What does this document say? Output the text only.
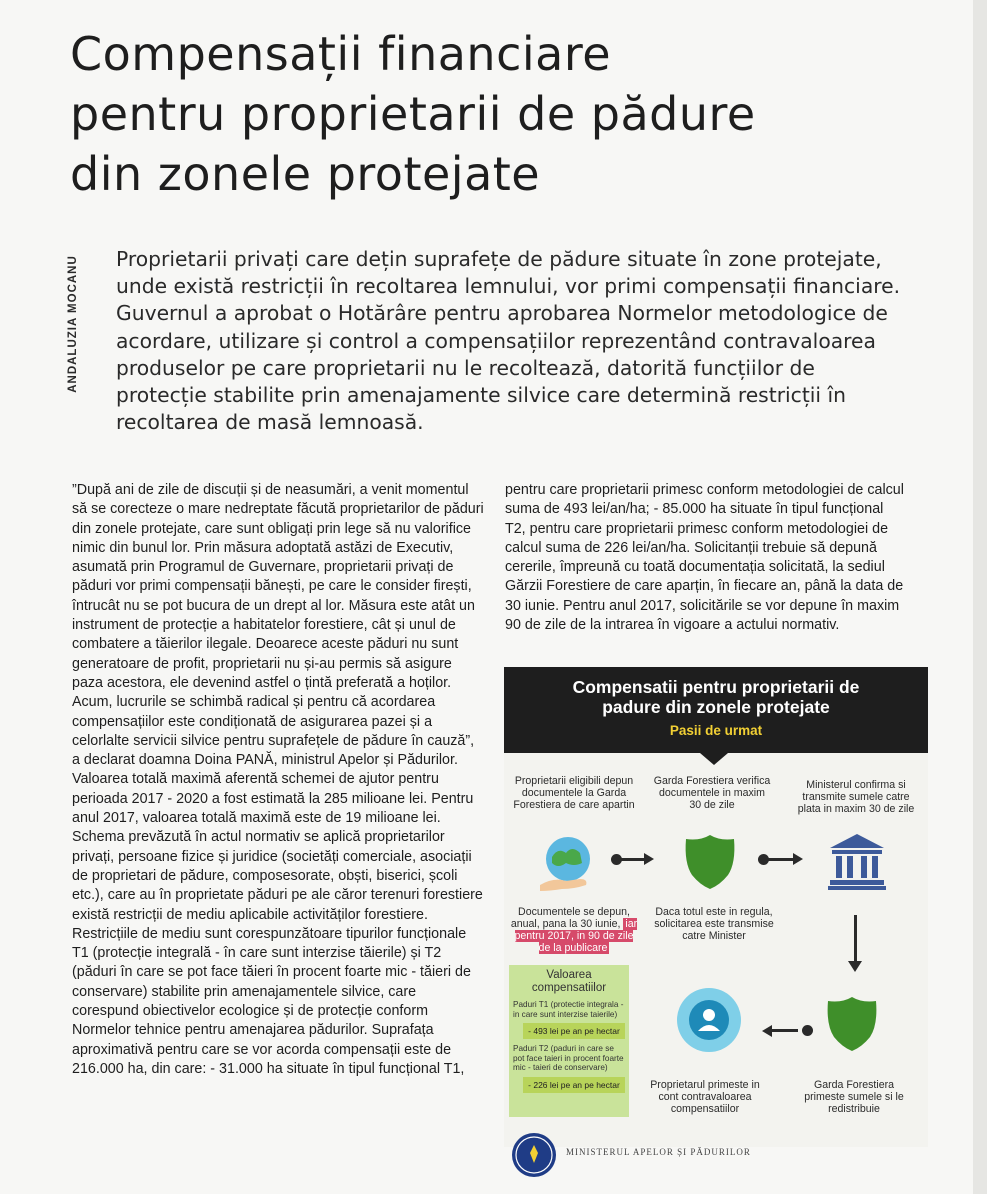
Compensații financiare
pentru proprietarii de pădure
din zonele protejate
ANDALUZIA MOCANU Proprietarii privați care dețin suprafețe de pădure situate în zone protejate, unde există restricții în recoltarea lemnului, vor primi compensații financiare. Guvernul a aprobat o Hotărâre pentru aprobarea Normelor metodologice de acordare, utilizare și control a compensațiilor reprezentând contravaloarea produselor pe care proprietarii nu le recoltează, datorită funcțiilor de protecție stabilite prin amenajamente silvice care determină restricții în recoltarea de masă lemnoasă.
”După ani de zile de discuții și de neasumări, a venit momentul să se corecteze o mare nedreptate făcută proprietarilor de păduri din zonele protejate, care sunt obligați prin lege să nu valorifice nimic din bunul lor. Prin măsura adoptată astăzi de Executiv, asumată prin Programul de Guvernare, proprietarii privați de păduri vor primi compensații bănești, pe care le consider firești, întrucât nu se pot bucura de un drept al lor. Măsura este atât un instrument de protecție a habitatelor forestiere, cât și unul de combatere a tăierilor ilegale. Deoarece aceste păduri nu sunt generatoare de profit, proprietarii nu și-au permis să asigure paza acestora, ele devenind astfel o țintă preferată a hoților. Acum, lucrurile se schimbă radical și pentru că acordarea compensațiilor este condiționată de asigurarea pazei și a celorlalte servicii silvice pentru suprafețele de pădure în cauză”, a declarat doamna Doina PANĂ, ministrul Apelor și Pădurilor. Valoarea totală maximă aferentă schemei de ajutor pentru perioada 2017 - 2020 a fost estimată la 285 milioane lei. Pentru anul 2017, valoarea totală maximă este de 19 milioane lei. Schema prevăzută în actul normativ se aplică proprietarilor privați, persoane fizice și juridice (societăți comerciale, asociații de proprietari de pădure, composesorate, obști, biserici, școli etc.), care au în proprietate păduri pe ale căror terenuri forestiere există restricții de mediu aplicabile activităților forestiere. Restricțiile de mediu sunt corespunzătoare tipurilor funcționale T1 (protecție integrală - în care sunt interzise tăierile) și T2 (păduri în care se pot face tăieri în procent foarte mic - tăieri de conservare) stabilite prin amenajamentele silvice, care corespund obiectivelor ecologice și de protecție conform Normelor tehnice pentru amenajarea pădurilor. Suprafața aproximativă pentru care se vor acorda compensații este de 216.000 ha, din care: - 31.000 ha situate în tipul funcțional T1,
pentru care proprietarii primesc conform metodologiei de calcul suma de 493 lei/an/ha; - 85.000 ha situate în tipul funcțional T2, pentru care proprietarii primesc conform metodologiei de calcul suma de 226 lei/an/ha. Solicitanții trebuie să depună cererile, împreună cu toată documentația solicitată, la sediul Gărzii Forestiere de care aparțin, în fiecare an, până la data de 30 iunie. Pentru anul 2017, solicitările se vor depune în maxim 90 de zile de la intrarea în vigoare a actului normativ.
Compensatii pentru proprietarii de
padure din zonele protejate
Pasii de urmat
Proprietarii eligibili depun documentele la Garda Forestiera de care apartin
Garda Forestiera verifica documentele in maxim 30 de zile
Ministerul confirma si transmite sumele catre plata in maxim 30 de zile
Documentele se depun, anual, pana la 30 iunie, iar pentru 2017, in 90 de zile de la publicare
Daca totul este in regula, solicitarea este transmise catre Minister
Valoarea compensatiilor
Paduri T1 (protectie integrala - in care sunt interzise taierile)
- 493 lei pe an pe hectar
Paduri T2 (paduri in care se pot face taieri in procent foarte mic - taieri de conservare)
- 226 lei pe an pe hectar	Proprietarul primeste in cont contravaloarea compensatiilor
Garda Forestiera primeste sumele si le redistribuie
MINISTERUL APELOR ȘI PĂDURILOR
